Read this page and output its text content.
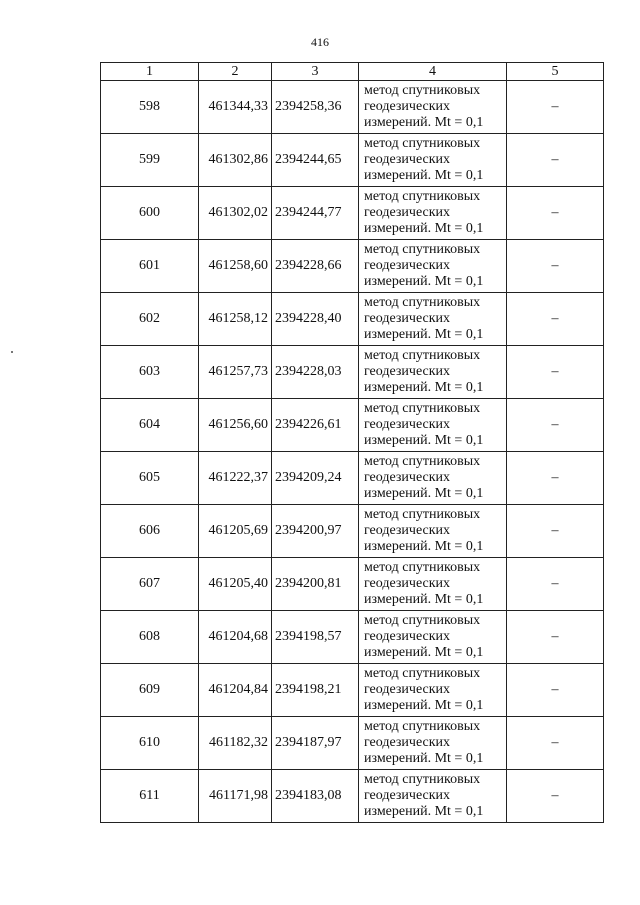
416
1	2	3	4	5
598	461344,33	2394258,36	метод спутниковых
геодезических
измерений. Mt = 0,1	–
599	461302,86	2394244,65	метод спутниковых
геодезических
измерений. Mt = 0,1	–
600	461302,02	2394244,77	метод спутниковых
геодезических
измерений. Mt = 0,1	–
601	461258,60	2394228,66	метод спутниковых
геодезических
измерений. Mt = 0,1	–
602	461258,12	2394228,40	метод спутниковых
геодезических
измерений. Mt = 0,1	–
603	461257,73	2394228,03	метод спутниковых
геодезических
измерений. Mt = 0,1	–
604	461256,60	2394226,61	метод спутниковых
геодезических
измерений. Mt = 0,1	–
605	461222,37	2394209,24	метод спутниковых
геодезических
измерений. Mt = 0,1	–
606	461205,69	2394200,97	метод спутниковых
геодезических
измерений. Mt = 0,1	–
607	461205,40	2394200,81	метод спутниковых
геодезических
измерений. Mt = 0,1	–
608	461204,68	2394198,57	метод спутниковых
геодезических
измерений. Mt = 0,1	–
609	461204,84	2394198,21	метод спутниковых
геодезических
измерений. Mt = 0,1	–
610	461182,32	2394187,97	метод спутниковых
геодезических
измерений. Mt = 0,1	–
611	461171,98	2394183,08	метод спутниковых
геодезических
измерений. Mt = 0,1	–
